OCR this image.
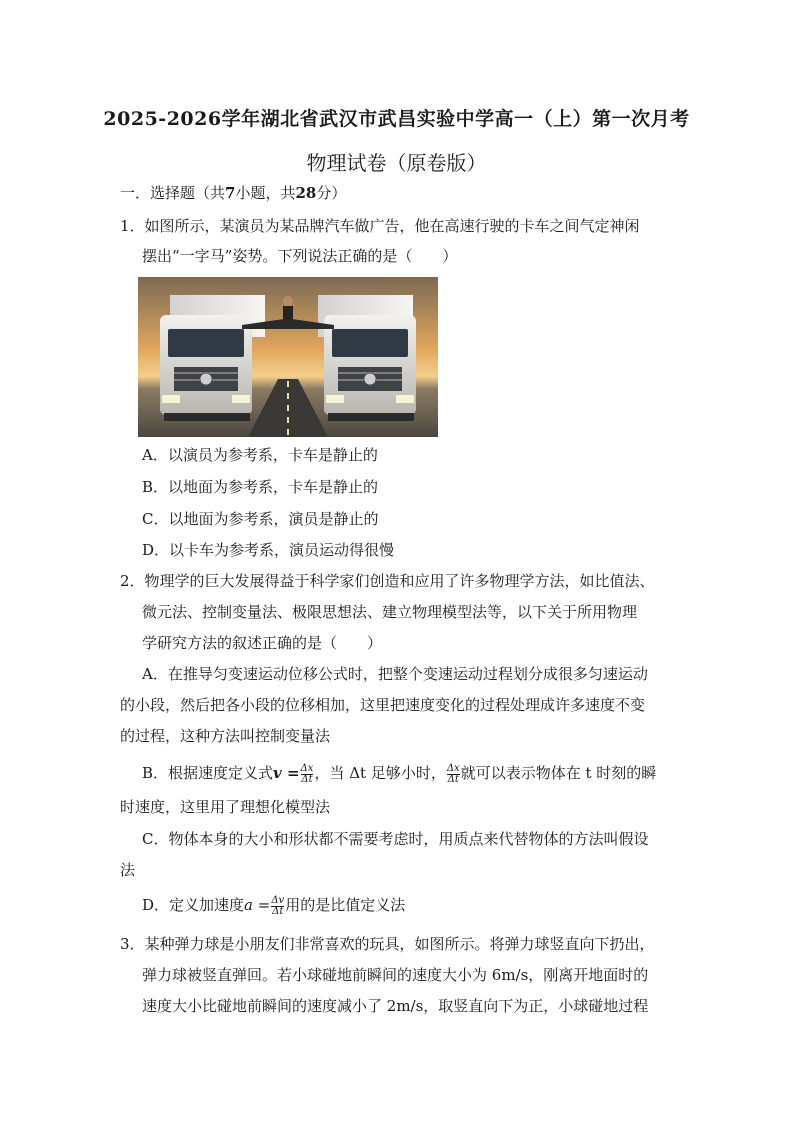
2025-2026学年湖北省武汉市武昌实验中学高一（上）第一次月考
物理试卷（原卷版）
一．选择题（共7小题，共28分）
1．如图所示，某演员为某品牌汽车做广告，他在高速行驶的卡车之间气定神闲
摆出“一字马”姿势。下列说法正确的是（　　）
A．以演员为参考系，卡车是静止的
B．以地面为参考系，卡车是静止的
C．以地面为参考系，演员是静止的
D．以卡车为参考系，演员运动得很慢
2．物理学的巨大发展得益于科学家们创造和应用了许多物理学方法，如比值法、
微元法、控制变量法、极限思想法、建立物理模型法等，以下关于所用物理
学研究方法的叙述正确的是（　　）
A．在推导匀变速运动位移公式时，把整个变速运动过程划分成很多匀速运动
的小段，然后把各小段的位移相加，这里把速度变化的过程处理成许多速度不变
的过程，这种方法叫控制变量法
B．根据速度定义式$v = \frac{\Delta x}{\Delta t}$ ，当 Δt 足够小时， $\frac{\Delta x}{\Delta t}$ 就可以表示物体在 t 时刻的瞬
时速度，这里用了理想化模型法
C．物体本身的大小和形状都不需要考虑时，用质点来代替物体的方法叫假设
法
D．定义加速度$a = \frac{\Delta v}{\Delta t}$ 用的是比值定义法
3．某种弹力球是小朋友们非常喜欢的玩具，如图所示。将弹力球竖直向下扔出，
弹力球被竖直弹回。若小球碰地前瞬间的速度大小为 6m/s，刚离开地面时的
速度大小比碰地前瞬间的速度减小了 2m/s，取竖直向下为正，小球碰地过程
